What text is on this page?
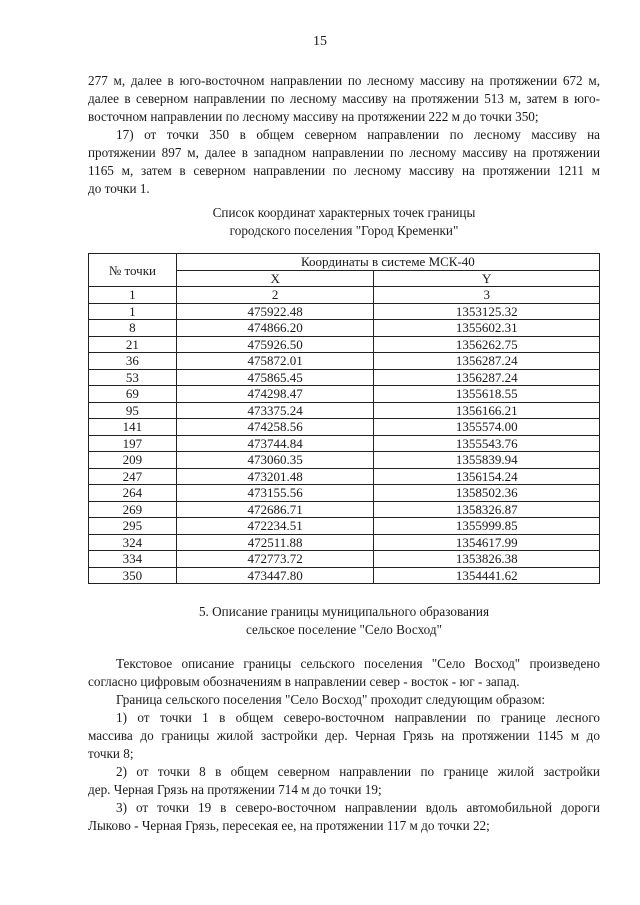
15

277 м, далее в юго-восточном направлении по лесному массиву на протяжении 672 м,

далее в северном направлении по лесному массиву на протяжении 513 м, затем в юго-

восточном направлении по лесному массиву на протяжении 222 м до точки 350;

17) от точки 350 в общем северном направлении по лесному массиву на

протяжении 897 м, далее в западном направлении по лесному массиву на протяжении

1165 м, затем в северном направлении по лесному массиву на протяжении 1211 м

до точки 1.

Список координат характерных точек границы
городского поселения "Город Кременки"
№ точки	Координаты в системе МСК-40	
	X	Y
1	2	3
1	475922.48	1353125.32
8	474866.20	1355602.31
21	475926.50	1356262.75
36	475872.01	1356287.24
53	475865.45	1356287.24
69	474298.47	1355618.55
95	473375.24	1356166.21
141	474258.56	1355574.00
197	473744.84	1355543.76
209	473060.35	1355839.94
247	473201.48	1356154.24
264	473155.56	1358502.36
269	472686.71	1358326.87
295	472234.51	1355999.85
324	472511.88	1354617.99
334	472773.72	1353826.38
350	473447.80	1354441.62
5. Описание границы муниципального образования
сельское поселение "Село Восход"

Текстовое описание границы сельского поселения "Село Восход" произведено

согласно цифровым обозначениям в направлении север - восток - юг - запад.

Граница сельского поселения "Село Восход" проходит следующим образом:

1) от точки 1 в общем северо-восточном направлении по границе лесного

массива до границы жилой застройки дер. Черная Грязь на протяжении 1145 м до

точки 8;

2) от точки 8 в общем северном направлении по границе жилой застройки

дер. Черная Грязь на протяжении 714 м до точки 19;

3) от точки 19 в северо-восточном направлении вдоль автомобильной дороги

Лыково - Черная Грязь, пересекая ее, на протяжении 117 м до точки 22;
